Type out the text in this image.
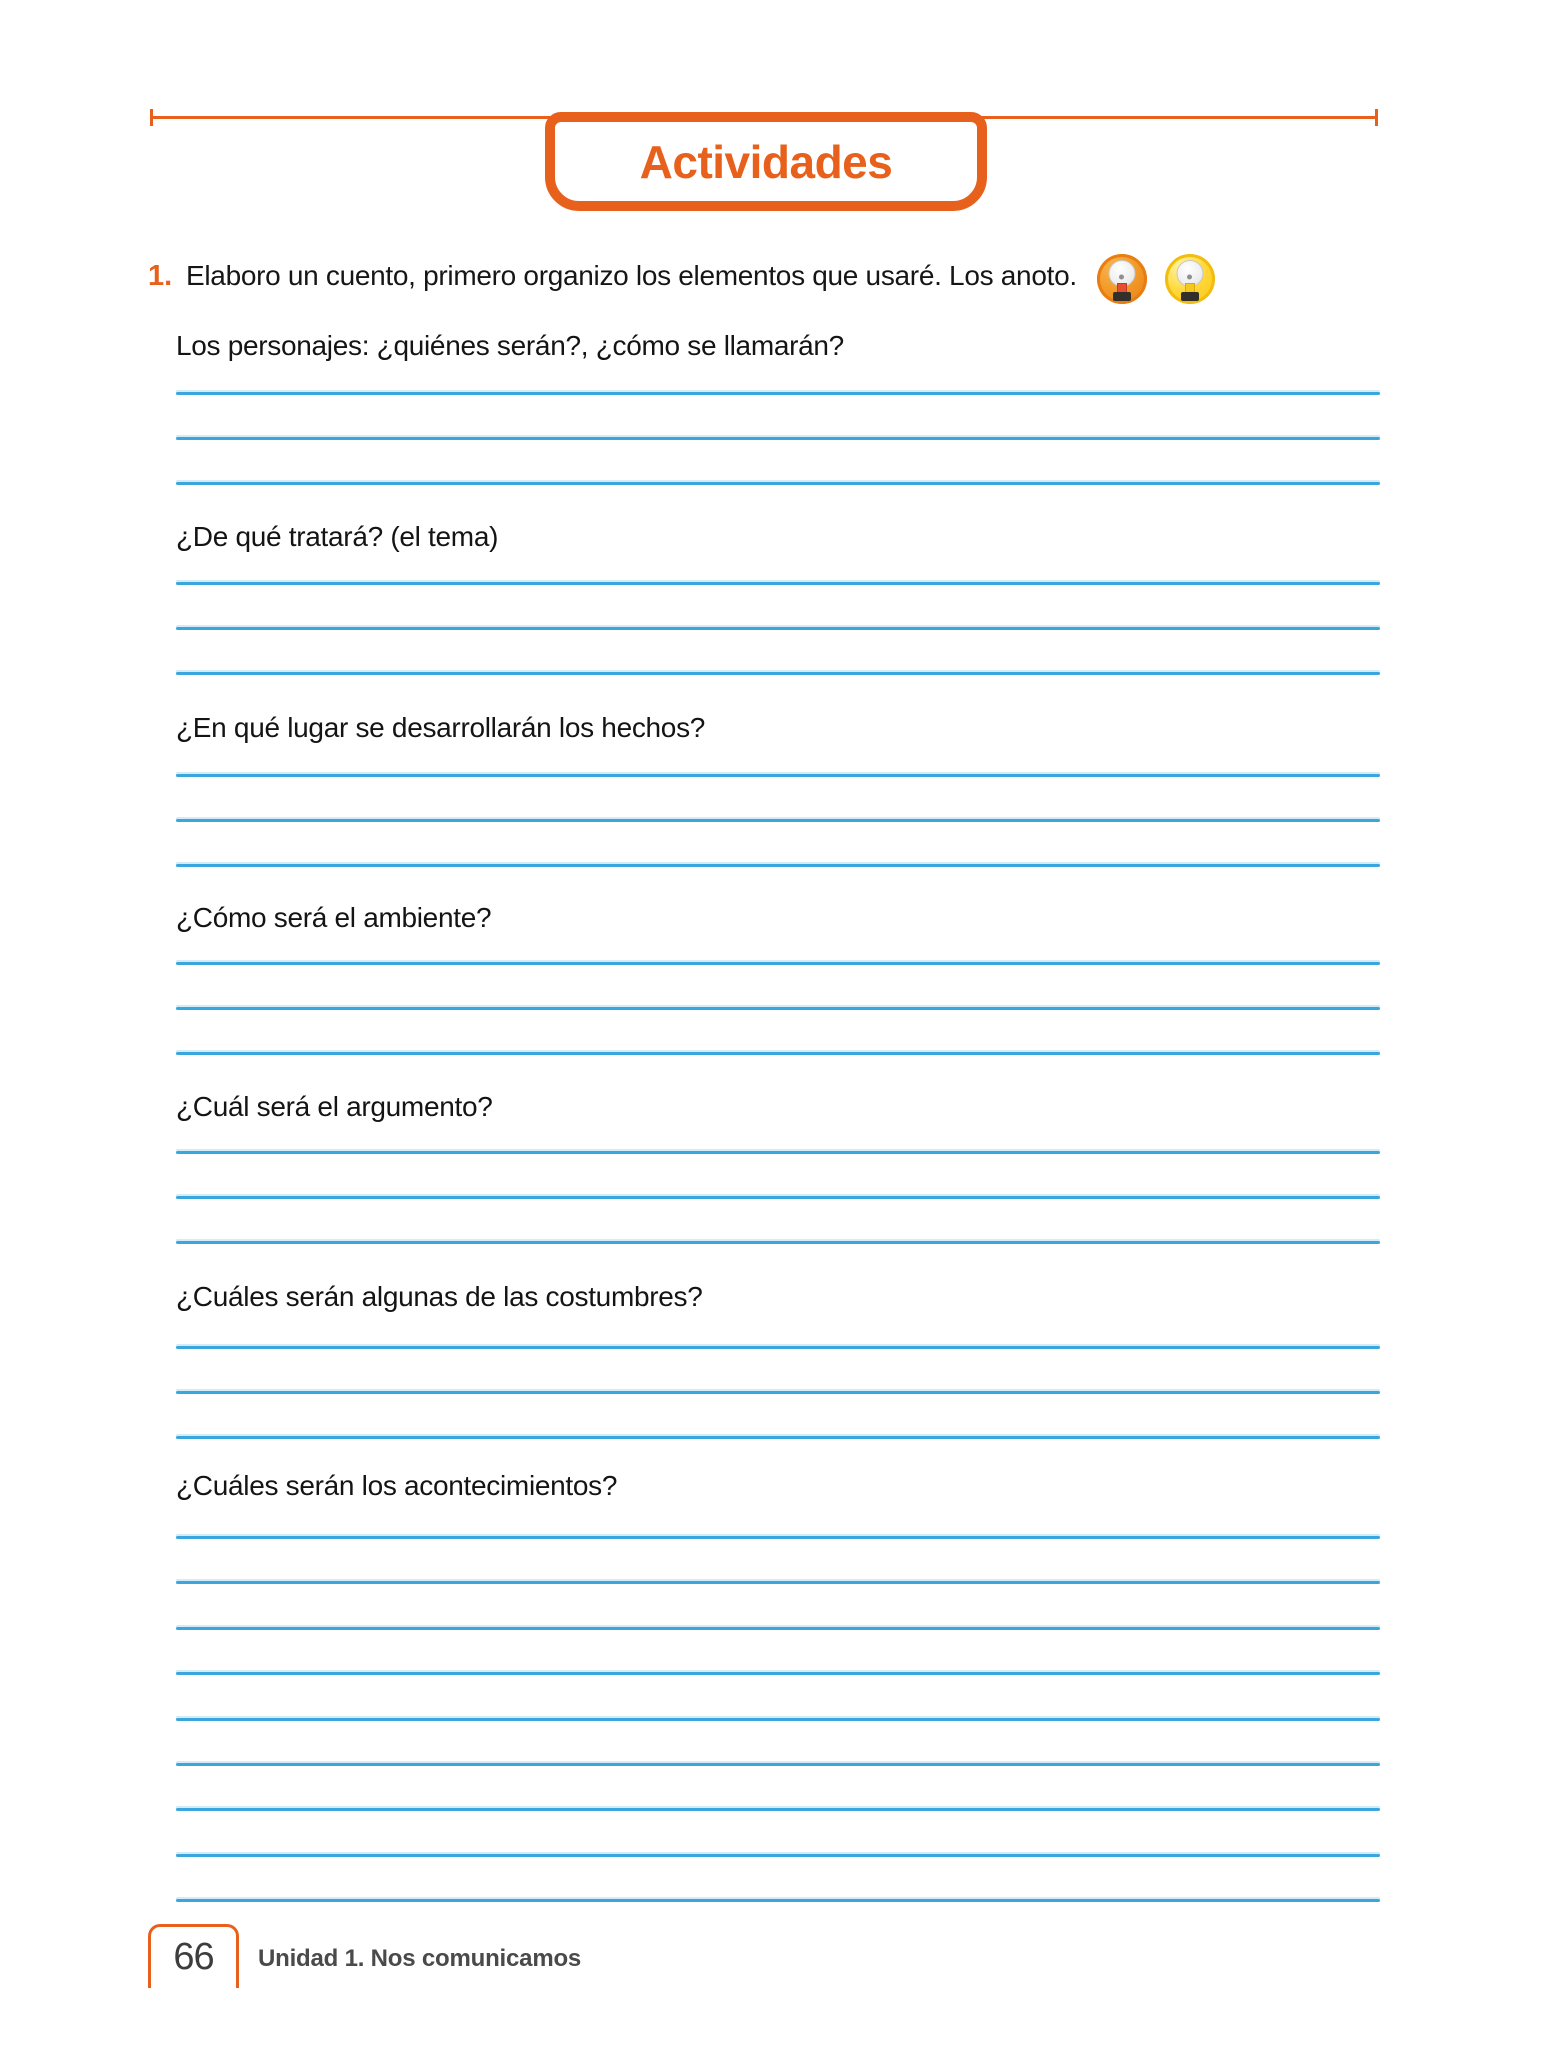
Actividades
1. Elaboro un cuento, primero organizo los elementos que usaré. Los anoto.
Los personajes: ¿quiénes serán?, ¿cómo se llamarán?
¿De qué tratará? (el tema)
¿En qué lugar se desarrollarán los hechos?
¿Cómo será el ambiente?
¿Cuál será el argumento?
¿Cuáles serán algunas de las costumbres?
¿Cuáles serán los acontecimientos?
66 Unidad 1. Nos comunicamos
